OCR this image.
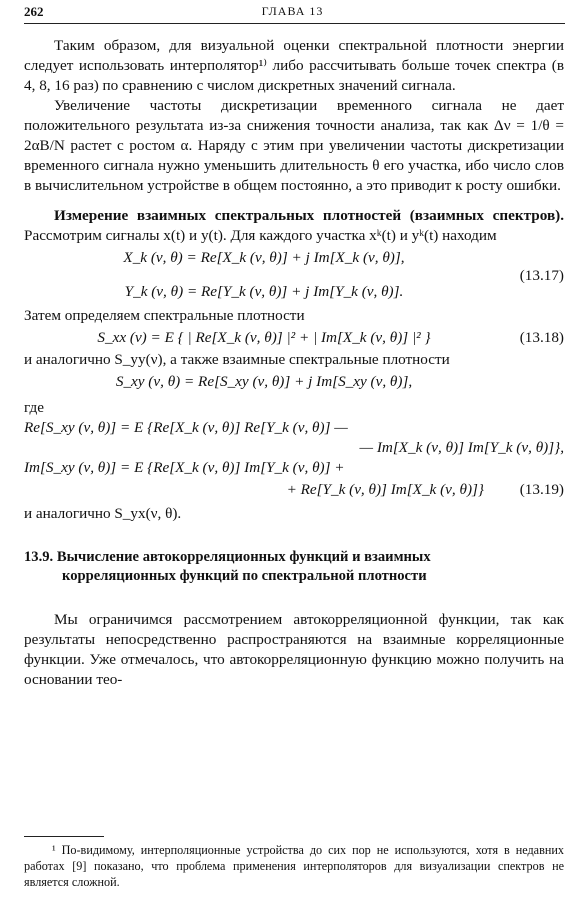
262	ГЛАВА 13

Таким образом, для визуальной оценки спектральной плотности энергии следует использовать интерполятор¹⁾ либо рассчитывать больше точек спектра (в 4, 8, 16 раз) по сравнению с числом дискретных значений сигнала.

Увеличение частоты дискретизации временного сигнала не дает положительного результата из-за снижения точности анализа, так как Δν = 1/θ = 2αB/N растет с ростом α. Наряду с этим при увеличении частоты дискретизации временного сигнала нужно уменьшить длительность θ его участка, ибо число слов в вычислительном устройстве в общем постоянно, а это приводит к росту ошибки.

Измерение взаимных спектральных плотностей (взаимных спектров). Рассмотрим сигналы x(t) и y(t). Для каждого участка xᵏ(t) и yᵏ(t) находим

X_k (ν, θ) = Re[X_k (ν, θ)] + j Im[X_k (ν, θ)],
(13.17)
Y_k (ν, θ) = Re[Y_k (ν, θ)] + j Im[Y_k (ν, θ)].

Затем определяем спектральные плотности

S_xx (ν) = E { | Re[X_k (ν, θ)] |² + | Im[X_k (ν, θ)] |² }	(13.18)

и аналогично S_yy(ν), а также взаимные спектральные плотности

S_xy (ν, θ) = Re[S_xy (ν, θ)] + j Im[S_xy (ν, θ)],

где

Re[S_xy (ν, θ)] = E {Re[X_k (ν, θ)] Re[Y_k (ν, θ)] —
— Im[X_k (ν, θ)] Im[Y_k (ν, θ)]},
Im[S_xy (ν, θ)] = E {Re[X_k (ν, θ)] Im[Y_k (ν, θ)] +
+ Re[Y_k (ν, θ)] Im[X_k (ν, θ)]} (13.19)

и аналогично S_yx(ν, θ).

13.9. Вычисление автокорреляционных функций и взаимных
корреляционных функций по спектральной плотности

Мы ограничимся рассмотрением автокорреляционной функции, так как результаты непосредственно распространяются на взаимные корреляционные функции. Уже отмечалось, что автокорреляционную функцию можно получить на основании тео-

¹ По-видимому, интерполяционные устройства до сих пор не используются, хотя в недавних работах [9] показано, что проблема применения интерполяторов для визуализации спектров не является сложной.
